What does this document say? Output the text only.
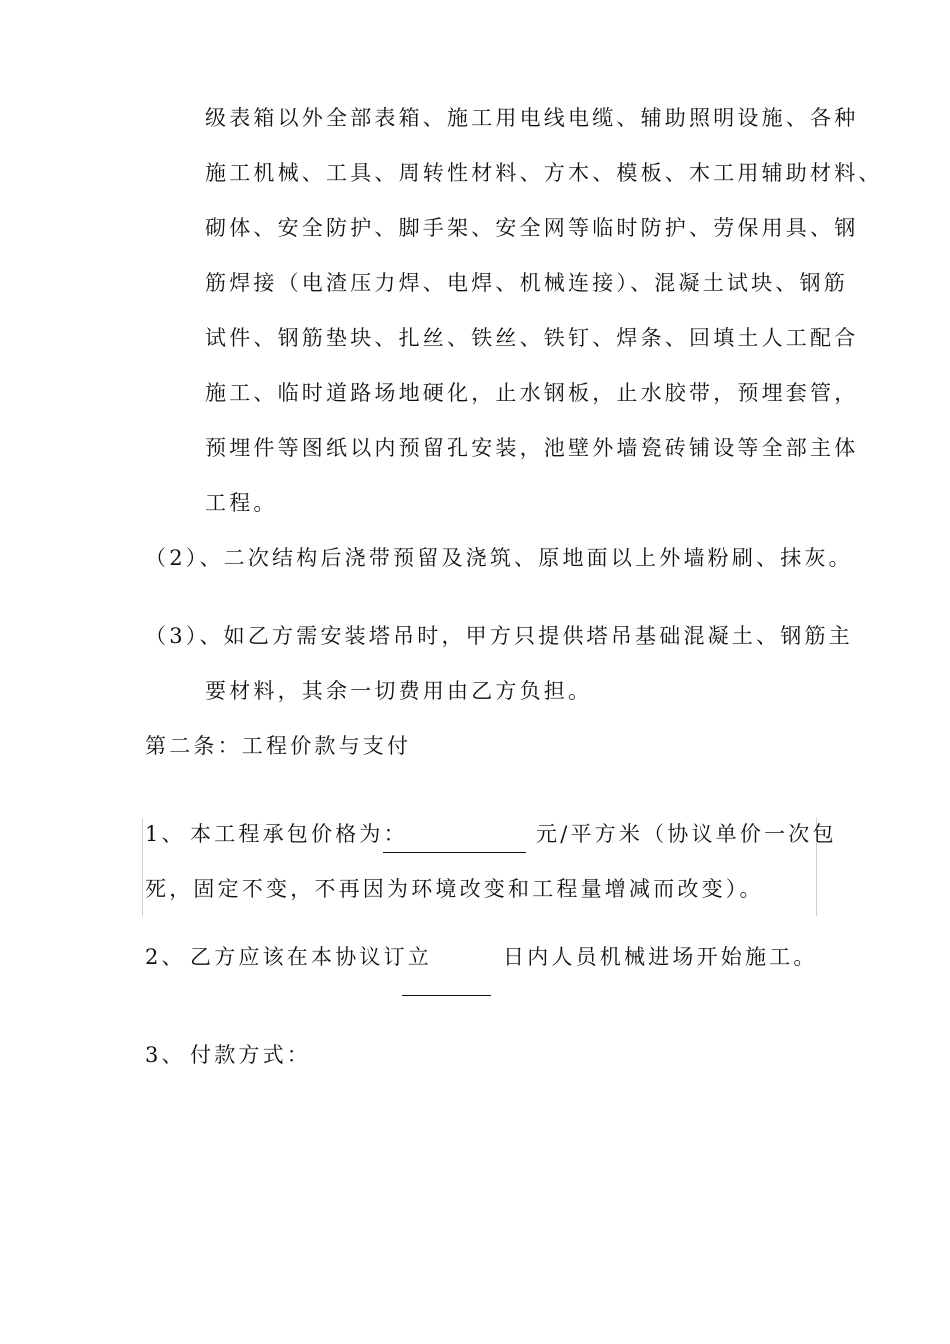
级表箱以外全部表箱、施工用电线电缆、辅助照明设施、各种
施工机械、工具、周转性材料、方木、模板、木工用辅助材料、
砌体、安全防护、脚手架、安全网等临时防护、劳保用具、钢
筋焊接（电渣压力焊、电焊、机械连接）、混凝土试块、钢筋
试件、钢筋垫块、扎丝、铁丝、铁钉、焊条、回填土人工配合
施工、临时道路场地硬化，止水钢板，止水胶带，预埋套管，
预埋件等图纸以内预留孔安装，池壁外墙瓷砖铺设等全部主体
工程。
（2）、二次结构后浇带预留及浇筑、原地面以上外墙粉刷、抹灰。
（3）、如乙方需安装塔吊时，甲方只提供塔吊基础混凝土、钢筋主
要材料，其余一切费用由乙方负担。
第二条：工程价款与支付
1、 本工程承包价格为：	元/平方米（协议单价一次包
死，固定不变，不再因为环境改变和工程量增减而改变）。
2、 乙方应该在本协议订立	日内人员机械进场开始施工。
3、 付款方式：
